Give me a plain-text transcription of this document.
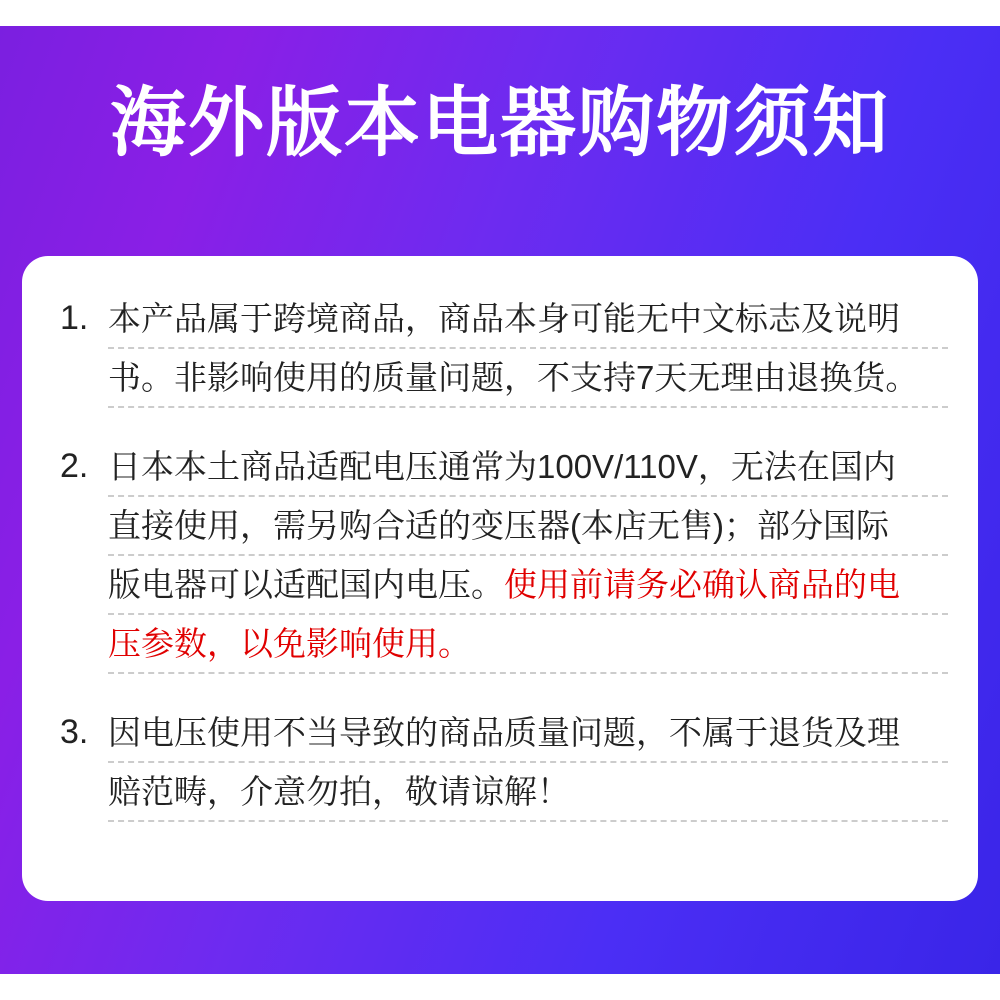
海外版本电器购物须知
1. 本产品属于跨境商品，商品本身可能无中文标志及说明
书。非影响使用的质量问题，不支持7天无理由退换货。
2. 日本本土商品适配电压通常为100V/110V，无法在国内
直接使用，需另购合适的变压器(本店无售)；部分国际
版电器可以适配国内电压。使用前请务必确认商品的电
压参数，以免影响使用。
3. 因电压使用不当导致的商品质量问题，不属于退货及理
赔范畴，介意勿拍，敬请谅解！
